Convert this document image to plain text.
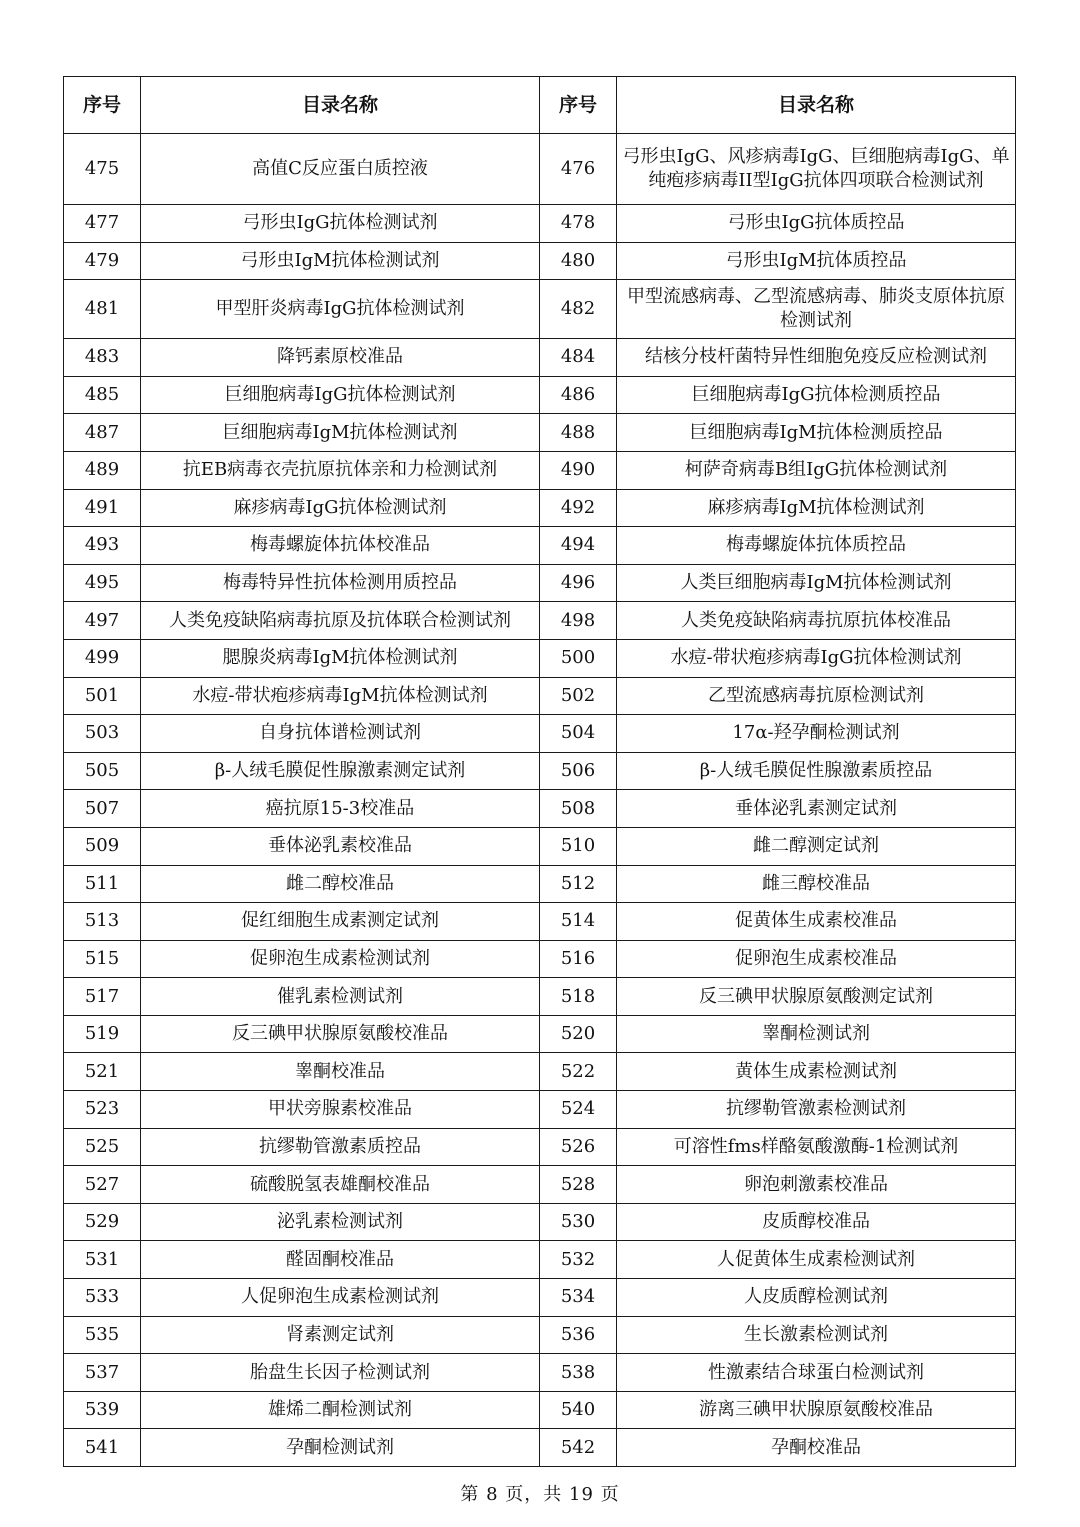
序号	目录名称	序号	目录名称
475	高值C反应蛋白质控液	476	弓形虫IgG、风疹病毒IgG、巨细胞病毒IgG、单纯疱疹病毒II型IgG抗体四项联合检测试剂
477	弓形虫IgG抗体检测试剂	478	弓形虫IgG抗体质控品
479	弓形虫IgM抗体检测试剂	480	弓形虫IgM抗体质控品
481	甲型肝炎病毒IgG抗体检测试剂	482	甲型流感病毒、乙型流感病毒、肺炎支原体抗原检测试剂
483	降钙素原校准品	484	结核分枝杆菌特异性细胞免疫反应检测试剂
485	巨细胞病毒IgG抗体检测试剂	486	巨细胞病毒IgG抗体检测质控品
487	巨细胞病毒IgM抗体检测试剂	488	巨细胞病毒IgM抗体检测质控品
489	抗EB病毒衣壳抗原抗体亲和力检测试剂	490	柯萨奇病毒B组IgG抗体检测试剂
491	麻疹病毒IgG抗体检测试剂	492	麻疹病毒IgM抗体检测试剂
493	梅毒螺旋体抗体校准品	494	梅毒螺旋体抗体质控品
495	梅毒特异性抗体检测用质控品	496	人类巨细胞病毒IgM抗体检测试剂
497	人类免疫缺陷病毒抗原及抗体联合检测试剂	498	人类免疫缺陷病毒抗原抗体校准品
499	腮腺炎病毒IgM抗体检测试剂	500	水痘-带状疱疹病毒IgG抗体检测试剂
501	水痘-带状疱疹病毒IgM抗体检测试剂	502	乙型流感病毒抗原检测试剂
503	自身抗体谱检测试剂	504	17α-羟孕酮检测试剂
505	β-人绒毛膜促性腺激素测定试剂	506	β-人绒毛膜促性腺激素质控品
507	癌抗原15-3校准品	508	垂体泌乳素测定试剂
509	垂体泌乳素校准品	510	雌二醇测定试剂
511	雌二醇校准品	512	雌三醇校准品
513	促红细胞生成素测定试剂	514	促黄体生成素校准品
515	促卵泡生成素检测试剂	516	促卵泡生成素校准品
517	催乳素检测试剂	518	反三碘甲状腺原氨酸测定试剂
519	反三碘甲状腺原氨酸校准品	520	睾酮检测试剂
521	睾酮校准品	522	黄体生成素检测试剂
523	甲状旁腺素校准品	524	抗缪勒管激素检测试剂
525	抗缪勒管激素质控品	526	可溶性fms样酪氨酸激酶-1检测试剂
527	硫酸脱氢表雄酮校准品	528	卵泡刺激素校准品
529	泌乳素检测试剂	530	皮质醇校准品
531	醛固酮校准品	532	人促黄体生成素检测试剂
533	人促卵泡生成素检测试剂	534	人皮质醇检测试剂
535	肾素测定试剂	536	生长激素检测试剂
537	胎盘生长因子检测试剂	538	性激素结合球蛋白检测试剂
539	雄烯二酮检测试剂	540	游离三碘甲状腺原氨酸校准品
541	孕酮检测试剂	542	孕酮校准品
第 8 页，共 19 页
